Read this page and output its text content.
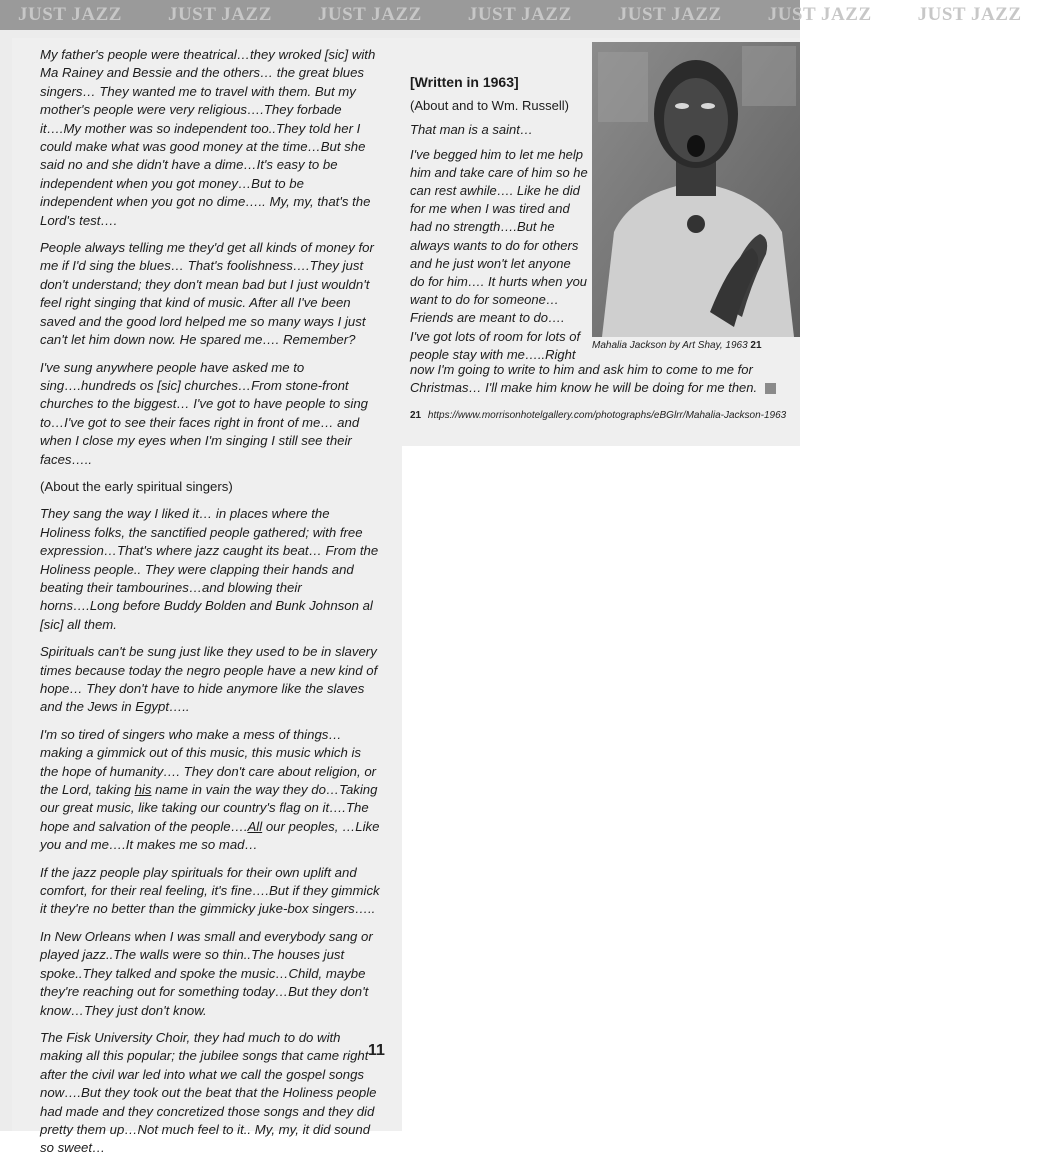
JUST JAZZ JUST JAZZ JUST JAZZ JUST JAZZ JUST JAZZ JUST JAZZ JUST JAZZ

My father's people were theatrical…they wroked [sic] with Ma Rainey and Bessie and the others… the great blues singers… They wanted me to travel with them. But my mother's people were very religious….They forbade it….My mother was so independent too..They told her I could make what was good money at the time…But she said no and she didn't have a dime…It's easy to be independent when you got money…But to be independent when you got no dime….. My, my, that's the Lord's test….

People always telling me they'd get all kinds of money for me if I'd sing the blues… That's foolishness….They just don't understand; they don't mean bad but I just wouldn't feel right singing that kind of music. After all I've been saved and the good lord helped me so many ways I just can't let him down now. He spared me…. Remember?

I've sung anywhere people have asked me to sing….hundreds os [sic] churches…From stone-front churches to the biggest… I've got to have people to sing to…I've got to see their faces right in front of me… and when I close my eyes when I'm singing I still see their faces…..

(About the early spiritual singers)

They sang the way I liked it… in places where the Holiness folks, the sanctified people gathered; with free expression…That's where jazz caught its beat… From the Holiness people.. They were clapping their hands and beating their tambourines…and blowing their horns….Long before Buddy Bolden and Bunk Johnson al [sic] all them.

Spirituals can't be sung just like they used to be in slavery times because today the negro people have a new kind of hope… They don't have to hide anymore like the slaves and the Jews in Egypt…..

I'm so tired of singers who make a mess of things… making a gimmick out of this music, this music which is the hope of humanity…. They don't care about religion, or the Lord, taking his name in vain the way they do…Taking our great music, like taking our country's flag on it….The hope and salvation of the people….All our peoples, …Like you and me….It makes me so mad…

If the jazz people play spirituals for their own uplift and comfort, for their real feeling, it's fine….But if they gimmick it they're no better than the gimmicky juke-box singers…..

In New Orleans when I was small and everybody sang or played jazz..The walls were so thin..The houses just spoke..They talked and spoke the music…Child, maybe they're reaching out for something today…But they don't know…They just don't know.

The Fisk University Choir, they had much to do with making all this popular; the jubilee songs that came right after the civil war led into what we call the gospel songs now….But they took out the beat that the Holiness people had made and they concretized those songs and they did pretty them up…Not much feel to it.. My, my, it did sound so sweet…

11

[Written in 1963]

(About and to Wm. Russell)

That man is a saint…

I've begged him to let me help him and take care of him so he can rest awhile…. Like he did for me when I was tired and had no strength….But he always wants to do for others and he just won't let anyone do for him…. It hurts when you want to do for someone…Friends are meant to do…. I've got lots of room for lots of people stay with me…..Right

Mahalia Jackson by Art Shay, 1963 21
now I'm going to write to him and ask him to come to me for Christmas… I'll make him know he will be doing for me then.
21 https://www.morrisonhotelgallery.com/photographs/eBGlrr/Mahalia-Jackson-1963
